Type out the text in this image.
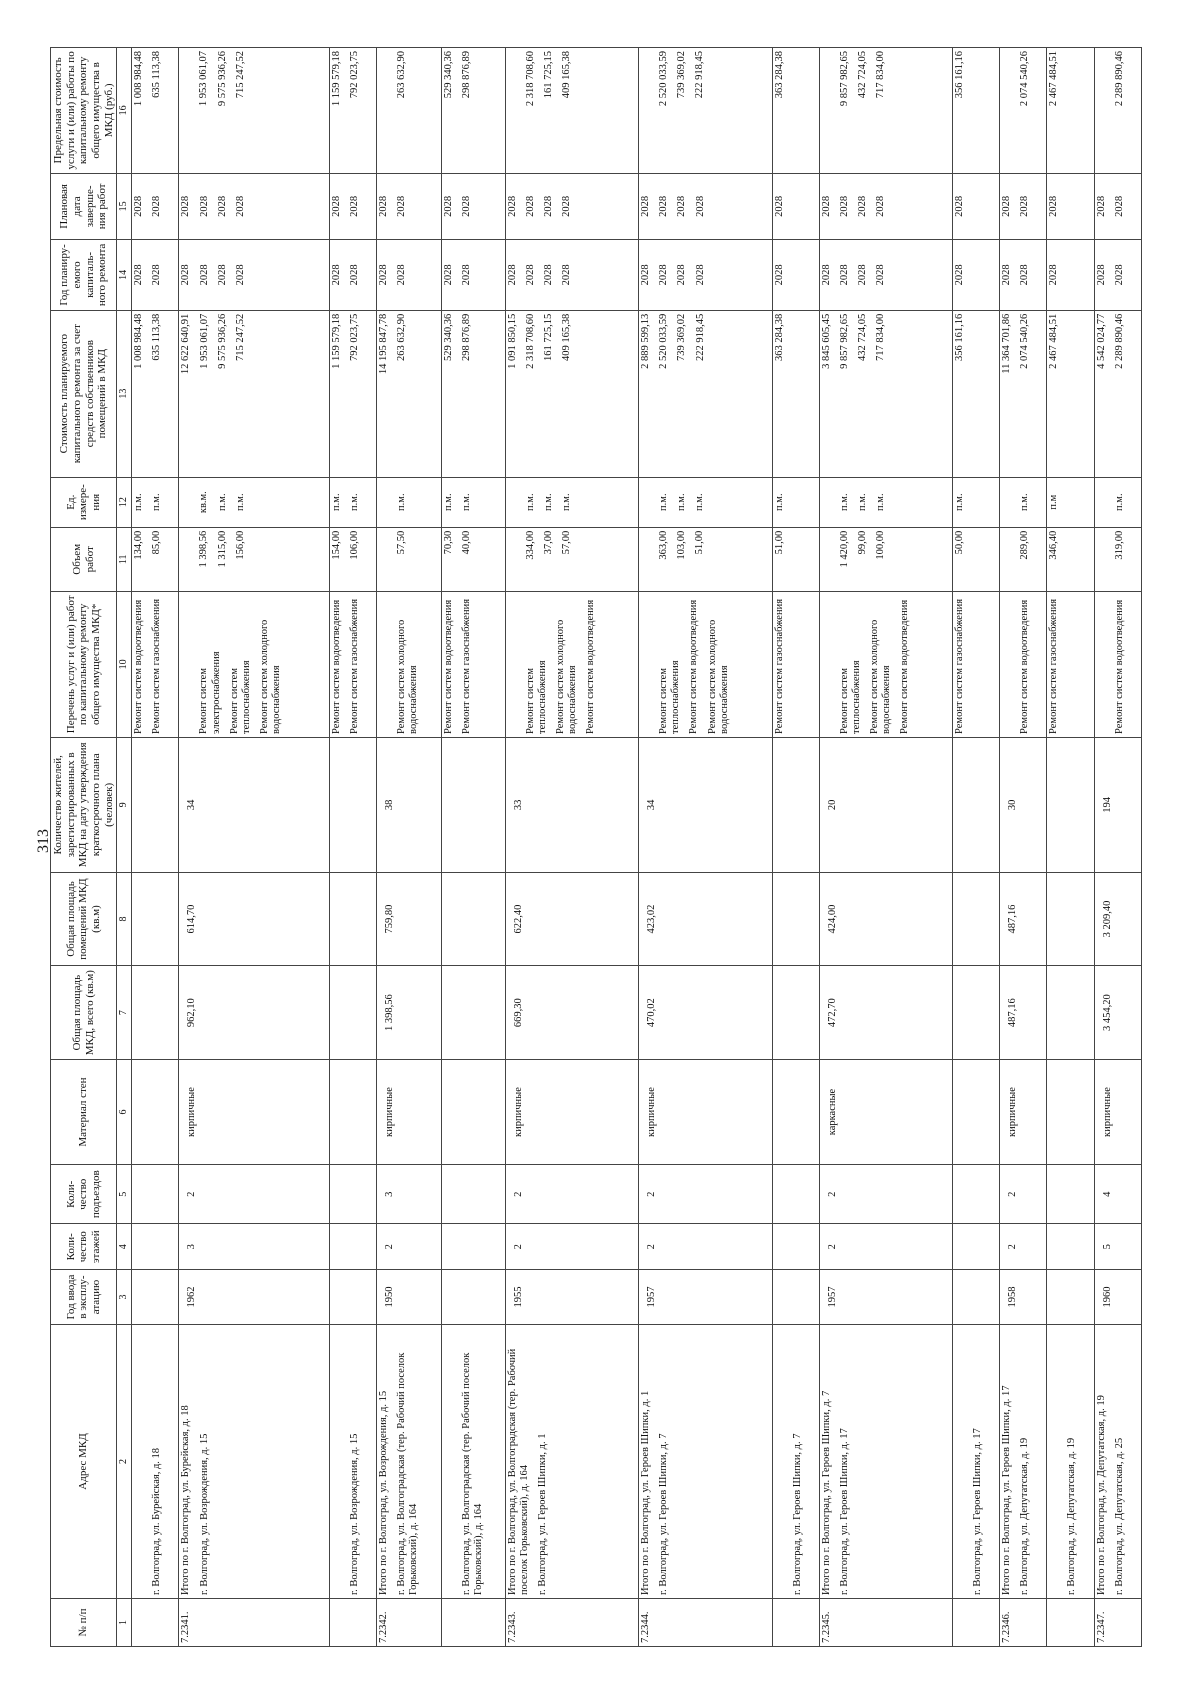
313
№ п/п	Адрес МКД	Год ввода в эксплу- атацию	Коли- чество этажей	Коли- чество подъездов	Материал стен	Общая площадь МКД, всего (кв.м)	Общая площадь помещений МКД (кв.м)	Количество жителей, зарегистрированных в МКД на дату утверждения краткосрочного плана (человек)	Перечень услуг и (или) работ по капитальному ремонту общего имущества МКД*	Объем работ	Ед. измере- ния	Стоимость планируемого капитального ремонта за счет средств собственников помещений в МКД	Год планиру- емого капиталь- ного ремонта	Плановая дата заверше- ния работ	Предельная стоимость услуги и (или) работы по капитальному ремонту общего имущества в МКД (руб.)
1	2	3	4	5	6	7	8	9	10	11	12	13	14	15	16

	г. Волгоград, ул. Бурейская, д. 18								Ремонт систем водоотведения Ремонт систем газоснабжения	134,00 85,00	п.м. п.м.	1 008 984,48 635 113,38	2028 2028	2028 2028	1 008 984,48 635 113,38

7.2341.	Итого по г. Волгоград, ул. Бурейская, д. 18 г. Волгоград, ул. Возрождения, д. 15	1962	3	2	кирпичные	962,10	614,70	34	Ремонт систем электроснабжения Ремонт систем теплоснабжения Ремонт систем холодного водоснабжения	1 398,56 1 315,00 156,00	кв.м. п.м. п.м.	12 622 640,91 1 953 061,07 9 575 936,26 715 247,52	2028 2028 2028 2028	2028 2028 2028 2028	1 953 061,07 9 575 936,26 715 247,52

	г. Волгоград, ул. Возрождения, д. 15								Ремонт систем водоотведения Ремонт систем газоснабжения	154,00 106,00	п.м. п.м.	1 159 579,18 792 023,75	2028 2028	2028 2028	1 159 579,18 792 023,75

7.2342.	Итого по г. Волгоград, ул. Возрождения, д. 15 г. Волгоград, ул. Волгоградская (тер. Рабочий поселок Горьковский), д. 164	1950	2	3	кирпичные	1 398,56	759,80	38	Ремонт систем холодного водоснабжения	57,50	п.м.	14 195 847,78 263 632,90	2028 2028	2028 2028	263 632,90

	г. Волгоград, ул. Волгоградская (тер. Рабочий поселок Горьковский), д. 164								Ремонт систем водоотведения Ремонт систем газоснабжения	70,30 40,00	п.м. п.м.	529 340,36 298 876,89	2028 2028	2028 2028	529 340,36 298 876,89

7.2343.	Итого по г. Волгоград, ул. Волгоградская (тер. Рабочий поселок Горьковский), д. 164 г. Волгоград, ул. Героев Шипки, д. 1	1955	2	2	кирпичные	669,30	622,40	33	Ремонт систем теплоснабжения Ремонт систем холодного водоснабжения Ремонт систем водоотведения	334,00 37,00 57,00	п.м. п.м. п.м.	1 091 850,15 2 318 708,60 161 725,15 409 165,38	2028 2028 2028 2028	2028 2028 2028 2028	2 318 708,60 161 725,15 409 165,38

7.2344.	Итого по г. Волгоград, ул. Героев Шипки, д. 1 г. Волгоград, ул. Героев Шипки, д. 7	1957	2	2	кирпичные	470,02	423,02	34	Ремонт систем теплоснабжения Ремонт систем водоотведения Ремонт систем холодного водоснабжения	363,00 103,00 51,00	п.м. п.м. п.м.	2 889 599,13 2 520 033,59 739 369,02 222 918,45	2028 2028 2028 2028	2028 2028 2028 2028	2 520 033,59 739 369,02 222 918,45

	г. Волгоград, ул. Героев Шипки, д. 7								Ремонт систем газоснабжения	51,00	п.м.	363 284,38	2028	2028	363 284,38

7.2345.	Итого по г. Волгоград, ул. Героев Шипки, д. 7 г. Волгоград, ул. Героев Шипки, д. 17	1957	2	2	каркасные	472,70	424,00	20	Ремонт систем теплоснабжения Ремонт систем холодного водоснабжения Ремонт систем водоотведения	1 420,00 99,00 100,00	п.м. п.м. п.м.	3 845 605,45 9 857 982,65 432 724,05 717 834,00	2028 2028 2028 2028	2028 2028 2028 2028	9 857 982,65 432 724,05 717 834,00

	г. Волгоград, ул. Героев Шипки, д. 17								Ремонт систем газоснабжения	50,00	п.м.	356 161,16	2028	2028	356 161,16

7.2346.	Итого по г. Волгоград, ул. Героев Шипки, д. 17 г. Волгоград, ул. Депутатская, д. 19	1958	2	2	кирпичные	487,16	487,16	30	Ремонт систем водоотведения	289,00	п.м.	11 364 701,86 2 074 540,26	2028 2028	2028 2028	2 074 540,26

	г. Волгоград, ул. Депутатская, д. 19								Ремонт систем газоснабжения	346,40	п.м	2 467 484,51	2028	2028	2 467 484,51

7.2347.	Итого по г. Волгоград, ул. Депутатская, д. 19 г. Волгоград, ул. Депутатская, д. 25	1960	5	4	кирпичные	3 454,20	3 209,40	194	Ремонт систем водоотведения	319,00	п.м.	4 542 024,77 2 289 890,46	2028 2028	2028 2028	2 289 890,46
